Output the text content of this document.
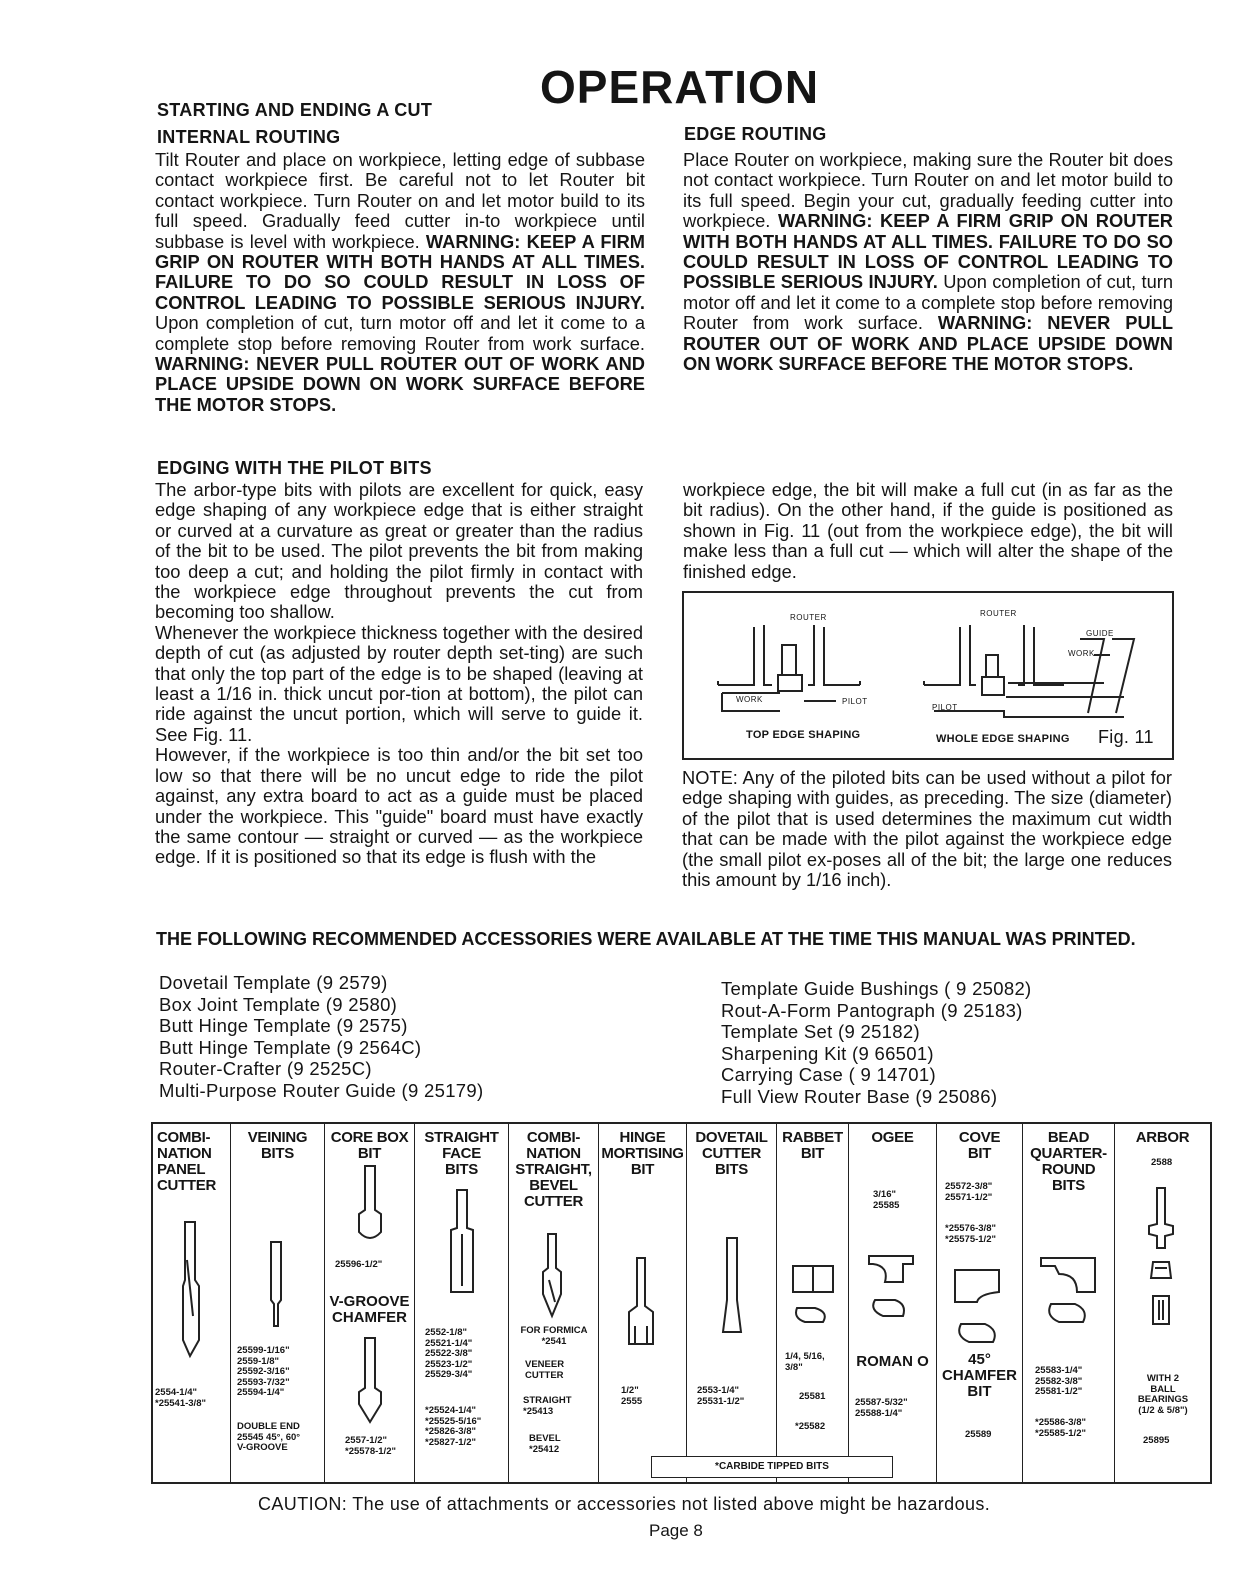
OPERATION
STARTING AND ENDING A CUT
INTERNAL ROUTING

Tilt Router and place on workpiece, letting edge of subbase contact workpiece first. Be careful not to let Router bit contact workpiece. Turn Router on and let motor build to its full speed. Gradually feed cutter in-to workpiece until subbase is level with workpiece. WARNING: KEEP A FIRM GRIP ON ROUTER WITH BOTH HANDS AT ALL TIMES. FAILURE TO DO SO COULD RESULT IN LOSS OF CONTROL LEADING TO POSSIBLE SERIOUS INJURY. Upon completion of cut, turn motor off and let it come to a complete stop before removing Router from work surface. WARNING: NEVER PULL ROUTER OUT OF WORK AND PLACE UPSIDE DOWN ON WORK SURFACE BEFORE THE MOTOR STOPS.

EDGE ROUTING

Place Router on workpiece, making sure the Router bit does not contact workpiece. Turn Router on and let motor build to its full speed. Begin your cut, gradually feeding cutter into workpiece. WARNING: KEEP A FIRM GRIP ON ROUTER WITH BOTH HANDS AT ALL TIMES. FAILURE TO DO SO COULD RESULT IN LOSS OF CONTROL LEADING TO POSSIBLE SERIOUS INJURY. Upon completion of cut, turn motor off and let it come to a complete stop before removing Router from work surface. WARNING: NEVER PULL ROUTER OUT OF WORK AND PLACE UPSIDE DOWN ON WORK SURFACE BEFORE THE MOTOR STOPS.

EDGING WITH THE PILOT BITS

The arbor-type bits with pilots are excellent for quick, easy edge shaping of any workpiece edge that is either straight or curved at a curvature as great or greater than the radius of the bit to be used. The pilot prevents the bit from making too deep a cut; and holding the pilot firmly in contact with the workpiece edge throughout prevents the cut from becoming too shallow.

Whenever the workpiece thickness together with the desired depth of cut (as adjusted by router depth set-ting) are such that only the top part of the edge is to be shaped (leaving at least a 1/16 in. thick uncut por-tion at bottom), the pilot can ride against the uncut portion, which will serve to guide it. See Fig. 11.

However, if the workpiece is too thin and/or the bit set too low so that there will be no uncut edge to ride the pilot against, any extra board to act as a guide must be placed under the workpiece. This "guide" board must have exactly the same contour — straight or curved — as the workpiece edge. If it is positioned so that its edge is flush with the

workpiece edge, the bit will make a full cut (in as far as the bit radius). On the other hand, if the guide is positioned as shown in Fig. 11 (out from the workpiece edge), the bit will make less than a full cut — which will alter the shape of the finished edge.

ROUTER	ROUTER
GUIDE
WORK
WORK
PILOT
PILOT
TOP EDGE SHAPING	WHOLE EDGE SHAPING Fig. 11

NOTE: Any of the piloted bits can be used without a pilot for edge shaping with guides, as preceding. The size (diameter) of the pilot that is used determines the maximum cut width that can be made with the pilot against the workpiece edge (the small pilot ex-poses all of the bit; the large one reduces this amount by 1/16 inch).

THE FOLLOWING RECOMMENDED ACCESSORIES WERE AVAILABLE AT THE TIME THIS MANUAL WAS PRINTED.
Dovetail Template (9 2579)
Box Joint Template (9 2580)
Butt Hinge Template (9 2575)
Butt Hinge Template (9 2564C)
Router-Crafter (9 2525C)
Multi-Purpose Router Guide (9 25179)
Template Guide Bushings ( 9 25082)
Rout-A-Form Pantograph (9 25183)
Template Set (9 25182)
Sharpening Kit (9 66501)
Carrying Case ( 9 14701)
Full View Router Base (9 25086)
COMBI-
NATION
PANEL
CUTTER
2554-1/4"
*25541-3/8"
VEINING
BITS
25599-1/16"
2559-1/8"
25592-3/16"
25593-7/32"
25594-1/4"
DOUBLE END
25545 45°, 60°
V-GROOVE
CORE BOX
BIT
25596-1/2"
V-GROOVE
CHAMFER
2557-1/2"
*25578-1/2"
STRAIGHT
FACE
BITS
2552-1/8"
25521-1/4"
25522-3/8"
25523-1/2"
25529-3/4"
*25524-1/4"
*25525-5/16"
*25826-3/8"
*25827-1/2"
COMBI-
NATION
STRAIGHT,
BEVEL
CUTTER
FOR FORMICA
*2541
VENEER
CUTTER
STRAIGHT
*25413
BEVEL
*25412
HINGE
MORTISING
BIT
1/2"
2555
DOVETAIL
CUTTER
BITS
2553-1/4"
25531-1/2"
RABBET
BIT
1/4, 5/16,
3/8"
25581
*25582
OGEE
3/16"
25585
ROMAN O
25587-5/32"
25588-1/4"
COVE
BIT
25572-3/8"
25571-1/2"
*25576-3/8"
*25575-1/2"
45°
CHAMFER
BIT
25589
BEAD
QUARTER-
ROUND
BITS
25583-1/4"
25582-3/8"
25581-1/2"
*25586-3/8"
*25585-1/2"
ARBOR
2588
WITH 2
BALL
BEARINGS
(1/2 & 5/8")
25895
*CARBIDE TIPPED BITS
CAUTION: The use of attachments or accessories not listed above might be hazardous.
Page 8
